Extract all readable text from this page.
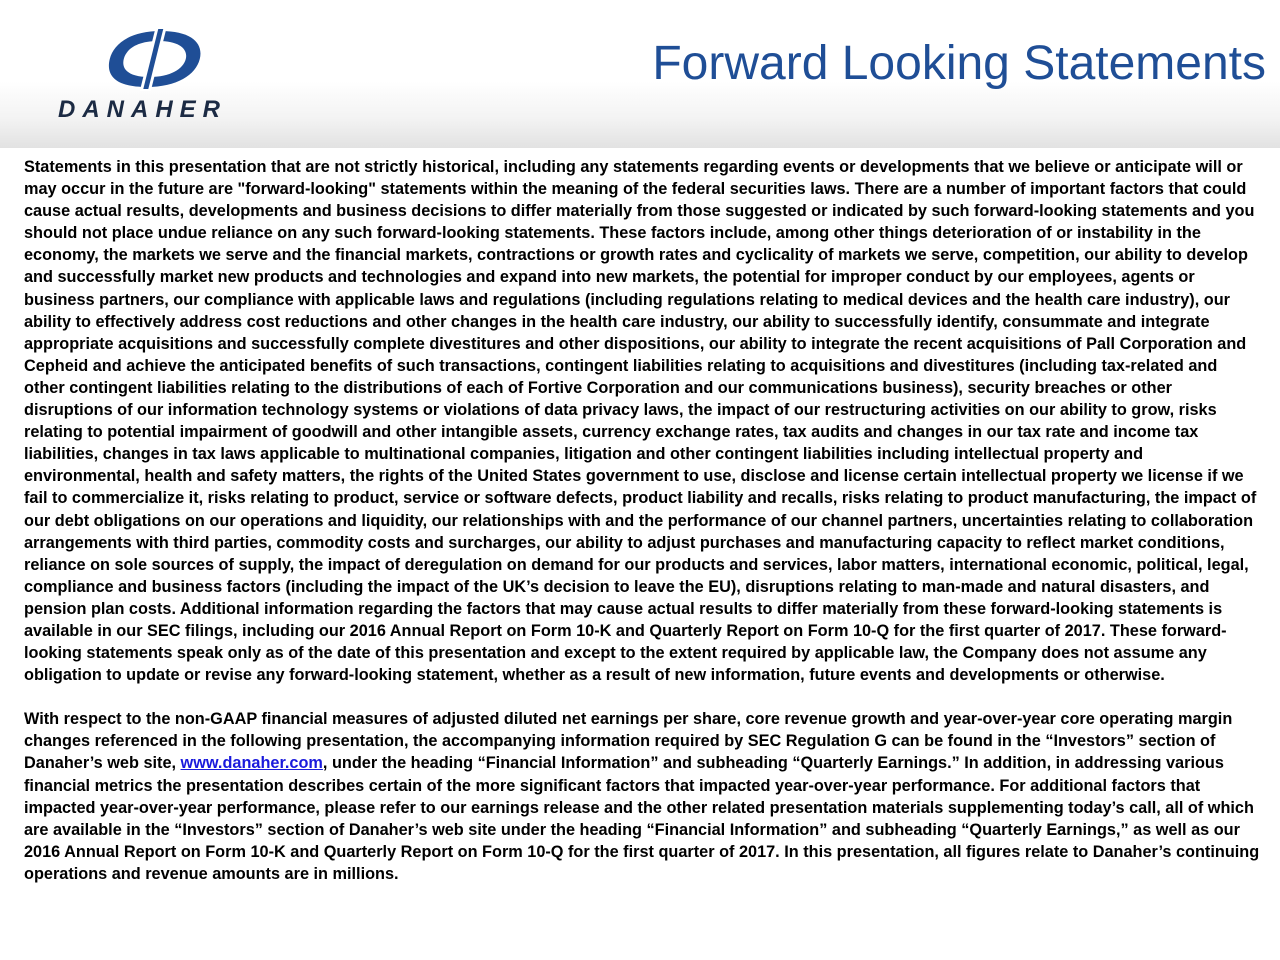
DANAHER
Forward Looking Statements

Statements in this presentation that are not strictly historical, including any statements regarding events or developments that we believe or anticipate will or may occur in the future are "forward-looking" statements within the meaning of the federal securities laws. There are a number of important factors that could cause actual results, developments and business decisions to differ materially from those suggested or indicated by such forward-looking statements and you should not place undue reliance on any such forward-looking statements. These factors include, among other things deterioration of or instability in the economy, the markets we serve and the financial markets, contractions or growth rates and cyclicality of markets we serve, competition, our ability to develop and successfully market new products and technologies and expand into new markets, the potential for improper conduct by our employees, agents or business partners, our compliance with applicable laws and regulations (including regulations relating to medical devices and the health care industry), our ability to effectively address cost reductions and other changes in the health care industry, our ability to successfully identify, consummate and integrate appropriate acquisitions and successfully complete divestitures and other dispositions, our ability to integrate the recent acquisitions of Pall Corporation and Cepheid and achieve the anticipated benefits of such transactions, contingent liabilities relating to acquisitions and divestitures (including tax-related and other contingent liabilities relating to the distributions of each of Fortive Corporation and our communications business), security breaches or other disruptions of our information technology systems or violations of data privacy laws, the impact of our restructuring activities on our ability to grow, risks relating to potential impairment of goodwill and other intangible assets, currency exchange rates, tax audits and changes in our tax rate and income tax liabilities, changes in tax laws applicable to multinational companies, litigation and other contingent liabilities including intellectual property and environmental, health and safety matters, the rights of the United States government to use, disclose and license certain intellectual property we license if we fail to commercialize it, risks relating to product, service or software defects, product liability and recalls, risks relating to product manufacturing, the impact of our debt obligations on our operations and liquidity, our relationships with and the performance of our channel partners, uncertainties relating to collaboration arrangements with third parties, commodity costs and surcharges, our ability to adjust purchases and manufacturing capacity to reflect market conditions, reliance on sole sources of supply, the impact of deregulation on demand for our products and services, labor matters, international economic, political, legal, compliance and business factors (including the impact of the UK’s decision to leave the EU), disruptions relating to man-made and natural disasters, and pension plan costs. Additional information regarding the factors that may cause actual results to differ materially from these forward-looking statements is available in our SEC filings, including our 2016 Annual Report on Form 10-K and Quarterly Report on Form 10-Q for the first quarter of 2017. These forward-looking statements speak only as of the date of this presentation and except to the extent required by applicable law, the Company does not assume any obligation to update or revise any forward-looking statement, whether as a result of new information, future events and developments or otherwise.

With respect to the non-GAAP financial measures of adjusted diluted net earnings per share, core revenue growth and year-over-year core operating margin changes referenced in the following presentation, the accompanying information required by SEC Regulation G can be found in the “Investors” section of Danaher’s web site, www.danaher.com, under the heading “Financial Information” and subheading “Quarterly Earnings.” In addition, in addressing various financial metrics the presentation describes certain of the more significant factors that impacted year-over-year performance. For additional factors that impacted year-over-year performance, please refer to our earnings release and the other related presentation materials supplementing today’s call, all of which are available in the “Investors” section of Danaher’s web site under the heading “Financial Information” and subheading “Quarterly Earnings,” as well as our 2016 Annual Report on Form 10-K and Quarterly Report on Form 10-Q for the first quarter of 2017. In this presentation, all figures relate to Danaher’s continuing operations and revenue amounts are in millions.
